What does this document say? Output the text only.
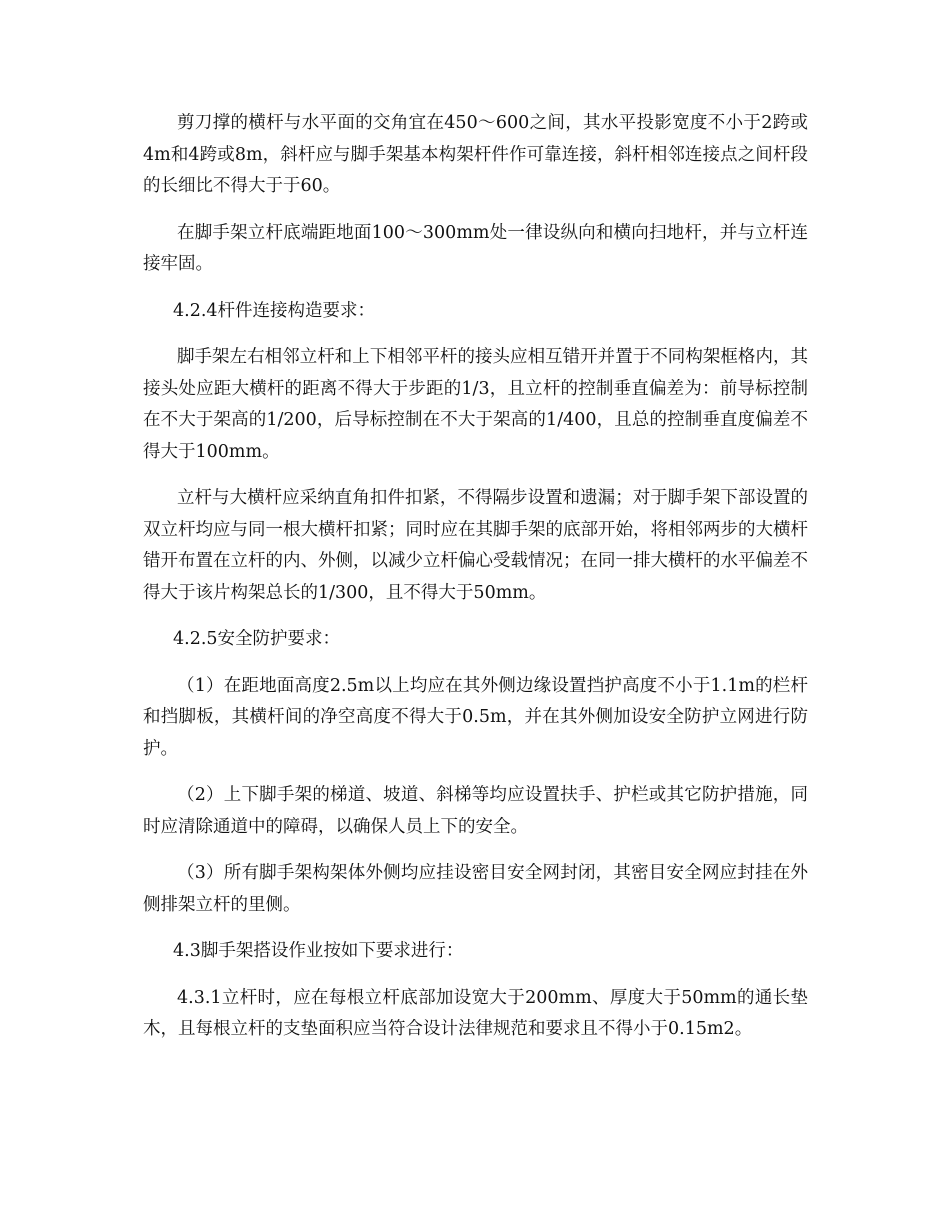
剪刀撑的横杆与水平面的交角宜在450～600之间，其水平投影宽度不小于2跨或4m和4跨或8m，斜杆应与脚手架基本构架杆件作可靠连接，斜杆相邻连接点之间杆段的长细比不得大于于60。

在脚手架立杆底端距地面100～300mm处一律设纵向和横向扫地杆，并与立杆连接牢固。

4.2.4杆件连接构造要求：

脚手架左右相邻立杆和上下相邻平杆的接头应相互错开并置于不同构架框格内，其接头处应距大横杆的距离不得大于步距的1/3，且立杆的控制垂直偏差为：前导标控制在不大于架高的1/200，后导标控制在不大于架高的1/400，且总的控制垂直度偏差不得大于100mm。

立杆与大横杆应采纳直角扣件扣紧，不得隔步设置和遗漏；对于脚手架下部设置的双立杆均应与同一根大横杆扣紧；同时应在其脚手架的底部开始，将相邻两步的大横杆错开布置在立杆的内、外侧，以减少立杆偏心受载情况；在同一排大横杆的水平偏差不得大于该片构架总长的1/300，且不得大于50mm。

4.2.5安全防护要求：

（1）在距地面高度2.5m以上均应在其外侧边缘设置挡护高度不小于1.1m的栏杆和挡脚板，其横杆间的净空高度不得大于0.5m，并在其外侧加设安全防护立网进行防护。

（2）上下脚手架的梯道、坡道、斜梯等均应设置扶手、护栏或其它防护措施，同时应清除通道中的障碍，以确保人员上下的安全。

（3）所有脚手架构架体外侧均应挂设密目安全网封闭，其密目安全网应封挂在外侧排架立杆的里侧。

4.3脚手架搭设作业按如下要求进行：

4.3.1立杆时，应在每根立杆底部加设宽大于200mm、厚度大于50mm的通长垫木，且每根立杆的支垫面积应当符合设计法律规范和要求且不得小于0.15m2。
